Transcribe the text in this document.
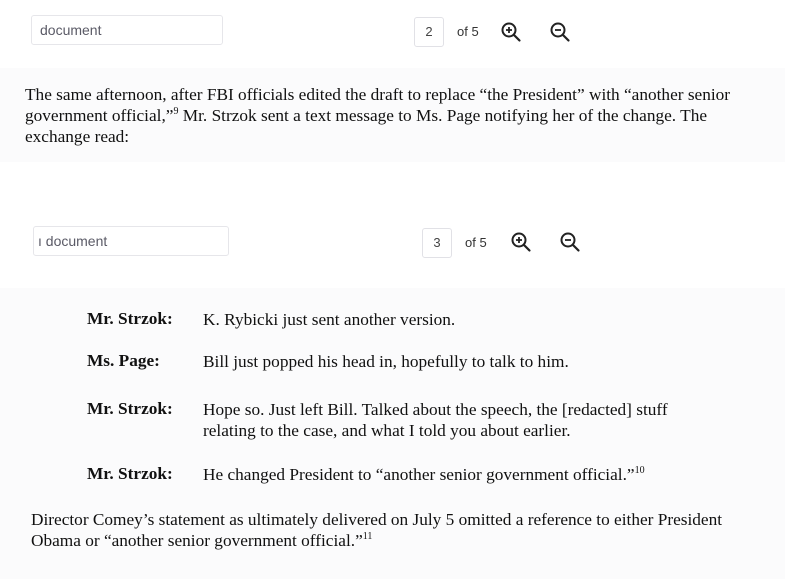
document	2	of 5
The same afternoon, after FBI officials edited the draft to replace “the President” with “another senior government official,”$^9$ Mr. Strzok sent a text message to Ms. Page notifying her of the change. The exchange read:
ı document	3	of 5
Mr. Strzok: K. Rybicki just sent another version.
Ms. Page: Bill just popped his head in, hopefully to talk to him.
Mr. Strzok: Hope so. Just left Bill. Talked about the speech, the [redacted] stuff relating to the case, and what I told you about earlier.
Mr. Strzok: He changed President to “another senior government official.”$^{10}$
Director Comey’s statement as ultimately delivered on July 5 omitted a reference to either President Obama or “another senior government official.”$^{11}$
